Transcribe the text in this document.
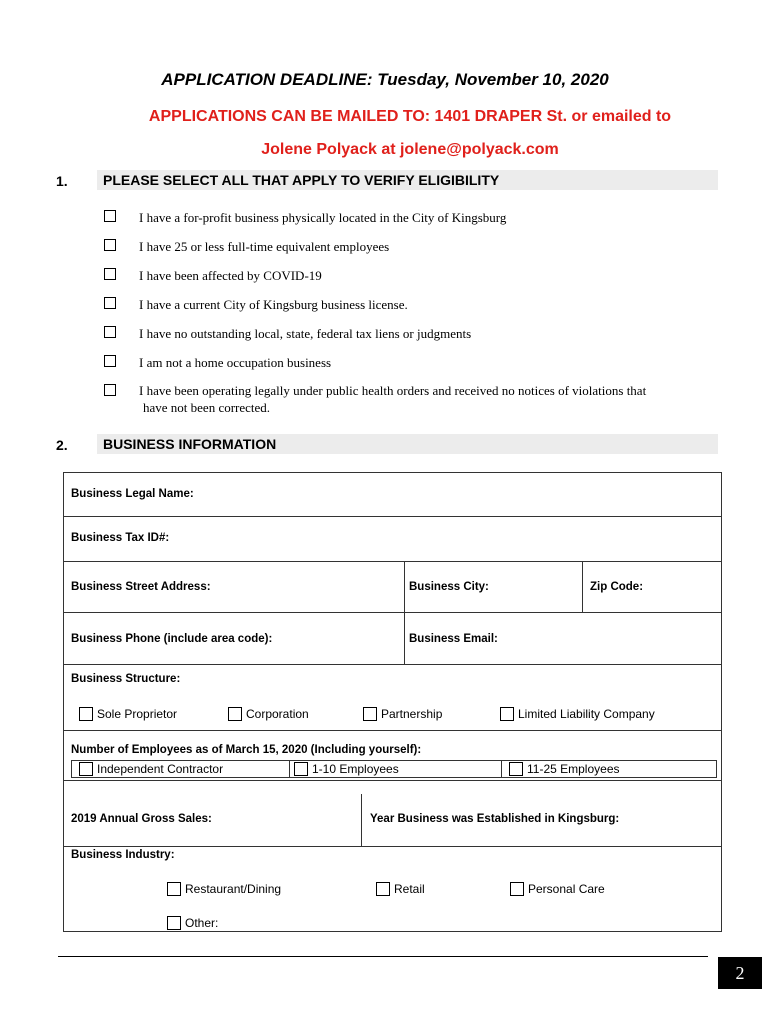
APPLICATION DEADLINE: Tuesday, November 10, 2020
APPLICATIONS CAN BE MAILED TO: 1401 DRAPER St. or emailed to
Jolene Polyack at jolene@polyack.com
1.	PLEASE SELECT ALL THAT APPLY TO VERIFY ELIGIBILITY
I have a for-profit business physically located in the City of Kingsburg
I have 25 or less full-time equivalent employees
I have been affected by COVID-19
I have a current City of Kingsburg business license.
I have no outstanding local, state, federal tax liens or judgments
I am not a home occupation business
I have been operating legally under public health orders and received no notices of violations that
have not been corrected.
2.	BUSINESS INFORMATION
Business Legal Name:
Business Tax ID#:
Business Street Address:	Business City:	Zip Code:
Business Phone (include area code):	Business Email:
Business Structure:
Sole Proprietor	Corporation	Partnership	Limited Liability Company
Number of Employees as of March 15, 2020 (Including yourself):
Independent Contractor	1-10 Employees	11-25 Employees
2019 Annual Gross Sales:	Year Business was Established in Kingsburg:
Business Industry:
Restaurant/Dining	Retail	Personal Care
Other:
2
